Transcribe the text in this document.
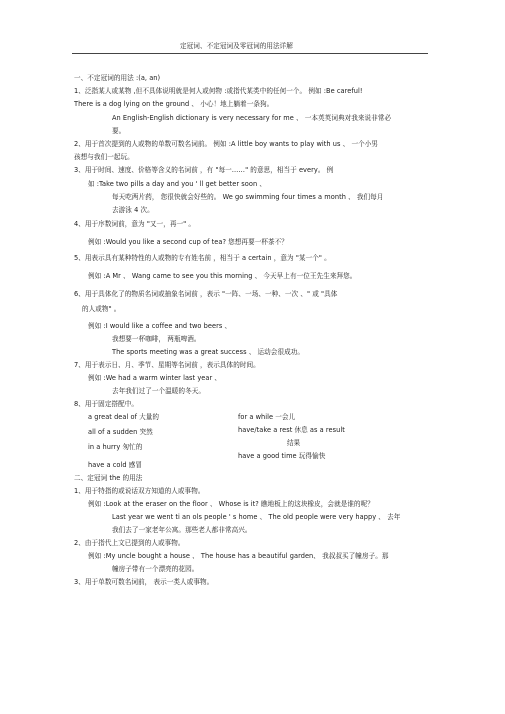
定冠词、不定冠词及零冠词的用法详解
一、不定冠词的用法 :(a, an)
1、泛指某人或某物 ,但不具体说明就是何人或何物 :或指代某类中的任何一个。 例如 :Be careful!
There is a dog lying on the ground 、 小心！地上躺着一条狗。
An English-English dictionary is very necessary for me 、 一本英英词典对我来说非常必
要。
2、用于首次提到的人或物的单数可数名词前。 例如 :A little boy wants to play with us 、 一个小男
孩想与我们一起玩。
3、用于时间、速度、价格等含义的名词前 ，有 "每一……" 的意思，相当于 every。 例
如 :Take two pills a day and you ' ll get better soon 、
每天吃两片药， 您很快就会好些的。 We go swimming four times a month 、 我们每月
去游泳 4 次。
4、用于序数词前，意为 "又一，再一" 。
例如 :Would you like a second cup of tea? 您想再要一杯茶不？
5、用表示具有某种特性的人或物的专有姓名前 ，相当于 a certain ，意为 "某一个" 。
例如 :A Mr 、 Wang came to see you this morning 、 今天早上有一位王先生来拜您。
6、用于具体化了的物质名词或抽象名词前 ，表示 "一阵、一场、一种、一次 、" 或 "具体
的人或物" 。
例如 :I would like a coffee and two beers 、
我想要一杯咖啡， 两瓶啤酒。
The sports meeting was a great success 、 运动会很成功。
7、用于表示日、月、季节、星期等名词前 ，表示具体的时间。
例如 :We had a warm winter last year 、
去年我们过了一个温暖的冬天。
8、用于固定搭配中。
a great deal of 大量的	for a while 一会儿
all of a sudden 突然	have/take a rest 休息 as a result
结果
in a hurry 匆忙的
have a good time 玩得愉快
have a cold 感冒
二、定冠词 the 的用法
1、用于特指的或说话双方知道的人或事物。
例如 :Look at the eraser on the floor 、 Whose is it? 瞧地板上的这块橡皮，会就是谁的呢？
Last year we went ti an ols people ' s home 、 The old people were very happy 、 去年
我们去了一家老年公寓。那些老人都非常高兴。
2、由于指代上文已提到的人或事物。
例如 :My uncle bought a house 、 The house has a beautiful garden、 我叔叔买了幢房子。那
幢房子带有一个漂亮的花园。
3、用于单数可数名词前， 表示一类人或事物。
